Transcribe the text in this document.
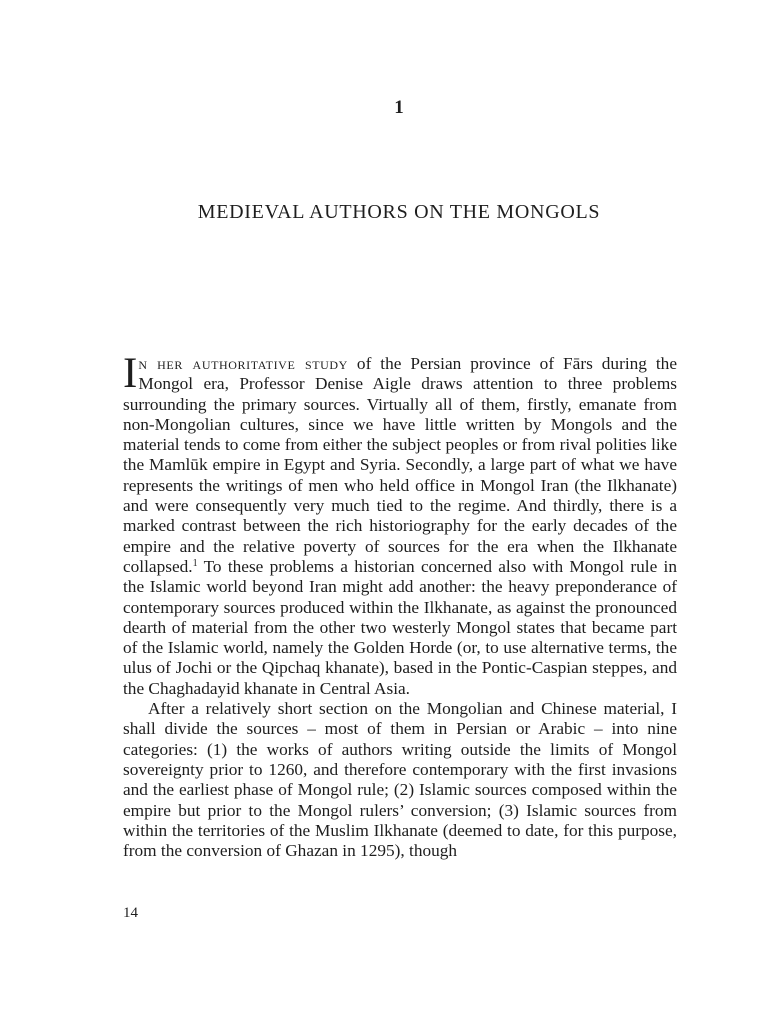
1
MEDIEVAL AUTHORS ON THE MONGOLS

I n her authoritative study of the Persian province of Fārs during the
Mongol era, Professor Denise Aigle draws attention to three problems surrounding the primary sources. Virtually all of them, firstly, emanate from non-Mongolian cultures, since we have little written by Mongols and the material tends to come from either the subject peoples or from rival polities like the Mamlūk empire in Egypt and Syria. Secondly, a large part of what we have represents the writings of men who held office in Mongol Iran (the Ilkhanate) and were consequently very much tied to the regime. And thirdly, there is a marked contrast between the rich historiography for the early decades of the empire and the relative poverty of sources for the era when the Ilkhanate collapsed.$^1$ To these problems a historian concerned also with Mongol rule in the Islamic world beyond Iran might add another: the heavy preponderance of contemporary sources produced within the Ilkhanate, as against the pronounced dearth of material from the other two westerly Mongol states that became part of the Islamic world, namely the Golden Horde (or, to use alternative terms, the ulus of Jochi or the Qipchaq khanate), based in the Pontic-Caspian steppes, and the Chaghadayid khanate in Central Asia.

After a relatively short section on the Mongolian and Chinese material, I shall divide the sources – most of them in Persian or Arabic – into nine categories: (1) the works of authors writing outside the limits of Mongol sovereignty prior to 1260, and therefore contemporary with the first invasions and the earliest phase of Mongol rule; (2) Islamic sources composed within the empire but prior to the Mongol rulers’ conversion; (3) Islamic sources from within the territories of the Muslim Ilkhanate (deemed to date, for this purpose, from the conversion of Ghazan in 1295), though

14
